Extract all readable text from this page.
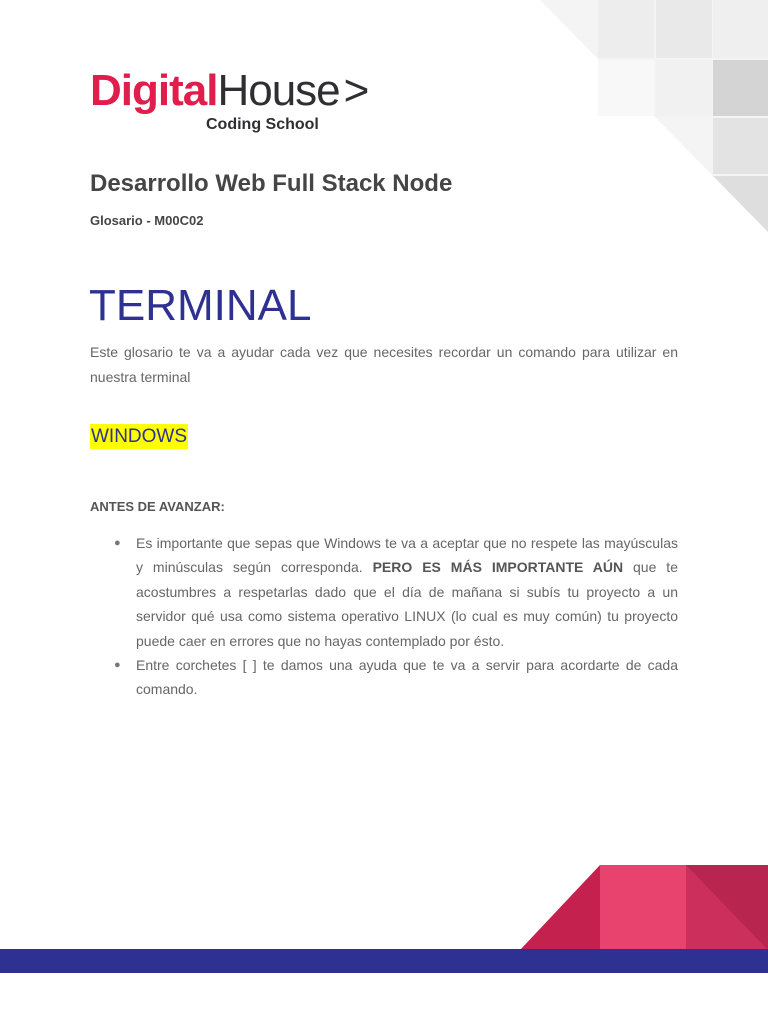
DigitalHouse>
Coding School
Desarrollo Web Full Stack Node
Glosario - M00C02
TERMINAL

Este glosario te va a ayudar cada vez que necesites recordar un comando para utilizar en nuestra terminal

WINDOWS
ANTES DE AVANZAR:
● Es importante que sepas que Windows te va a aceptar que no respete las mayúsculas y minúsculas según corresponda. PERO ES MÁS IMPORTANTE AÚN que te acostumbres a respetarlas dado que el día de mañana si subís tu proyecto a un servidor qué usa como sistema operativo LINUX (lo cual es muy común) tu proyecto puede caer en errores que no hayas contemplado por ésto.
● Entre corchetes [ ] te damos una ayuda que te va a servir para acordarte de cada comando.
